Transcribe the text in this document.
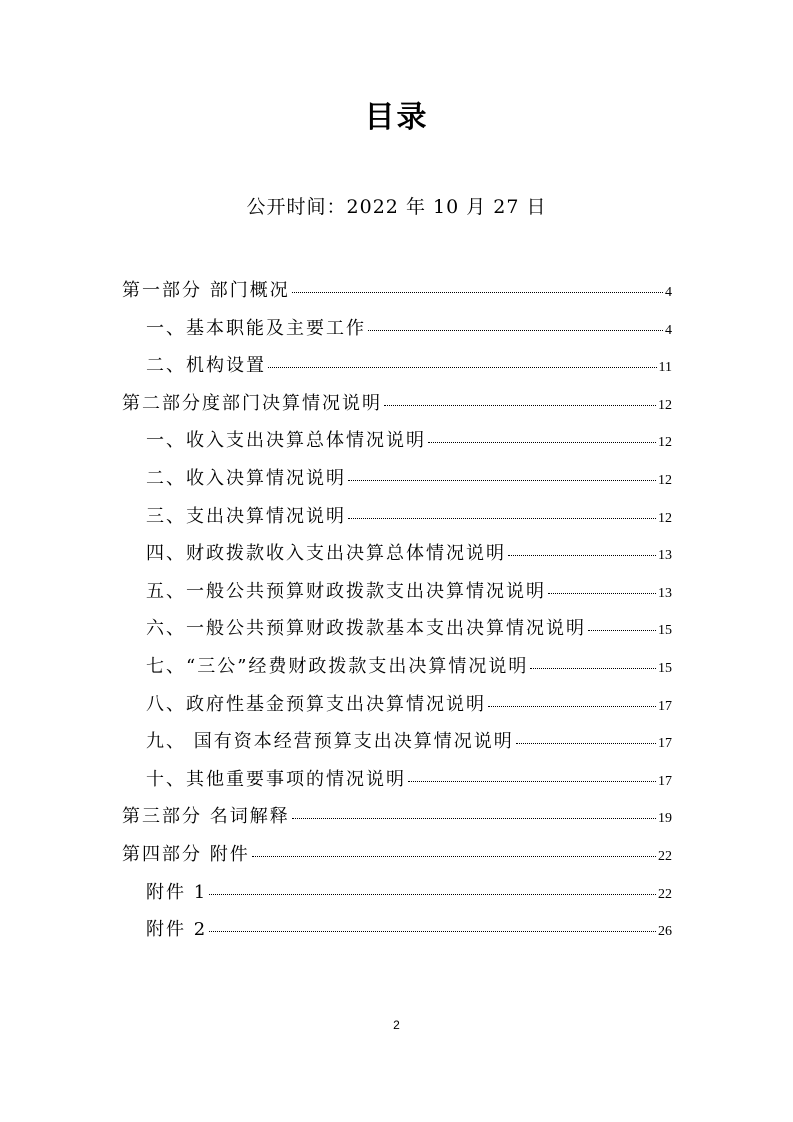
目录
公开时间：2022 年 10 月 27 日
第一部分 部门概况	4
一、基本职能及主要工作	4
二、机构设置	11
第二部分度部门决算情况说明	12
一、收入支出决算总体情况说明	12
二、收入决算情况说明	12
三、支出决算情况说明	12
四、财政拨款收入支出决算总体情况说明	13
五、一般公共预算财政拨款支出决算情况说明	13
六、一般公共预算财政拨款基本支出决算情况说明	15
七、“三公”经费财政拨款支出决算情况说明	15
八、政府性基金预算支出决算情况说明	17
九、 国有资本经营预算支出决算情况说明	17
十、其他重要事项的情况说明	17
第三部分 名词解释	19
第四部分 附件	22
附件 1	22
附件 2	26
2
